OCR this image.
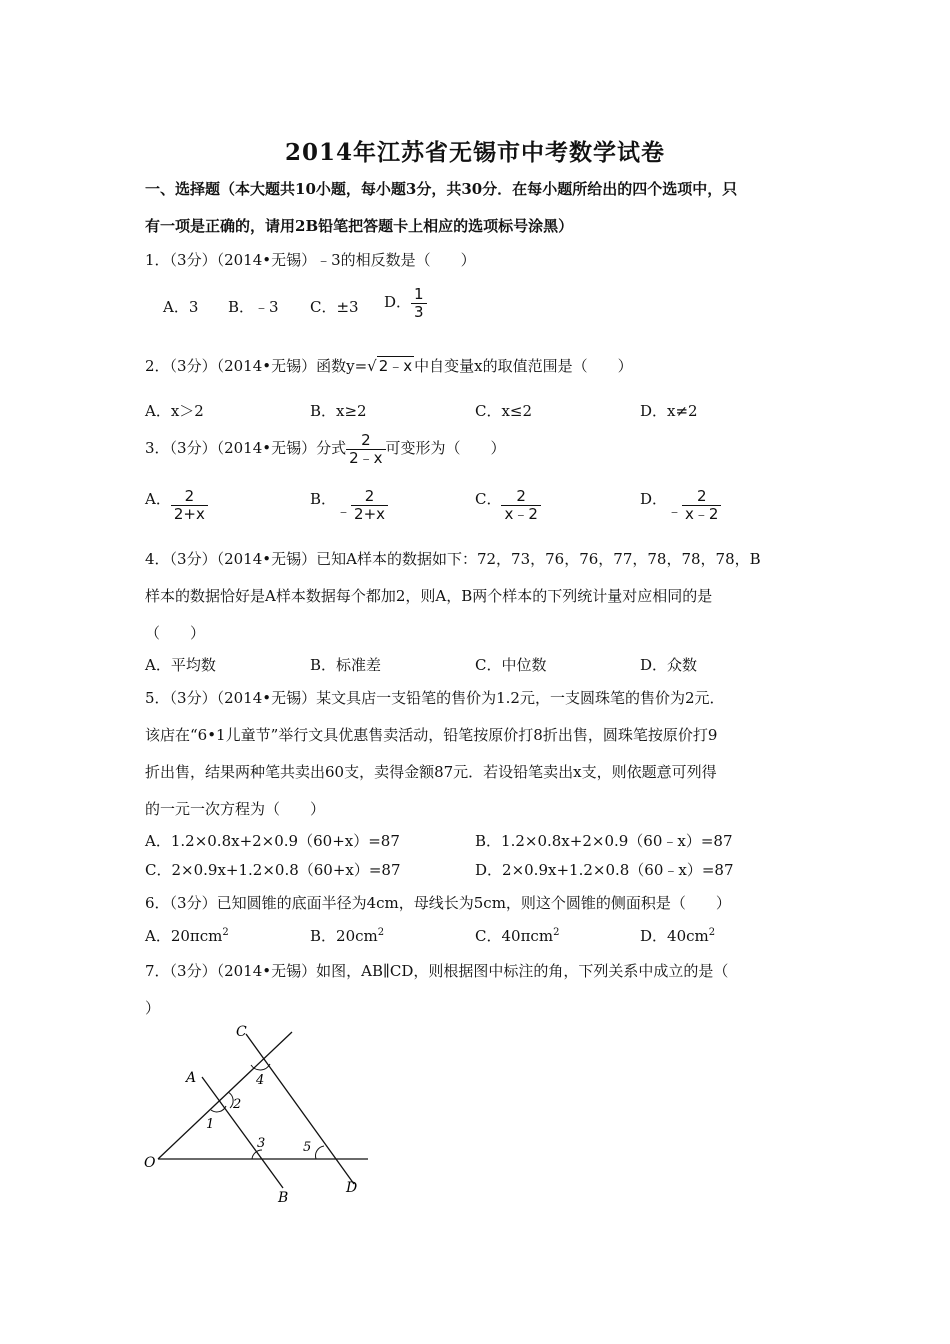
2014年江苏省无锡市中考数学试卷
一、选择题（本大题共10小题，每小题3分，共30分．在每小题所给出的四个选项中，只
有一项是正确的，请用2B铅笔把答题卡上相应的选项标号涂黑）
1．（3分）（2014•无锡）﹣3的相反数是（　　）
A．3 B．﹣3 C．±3 D． $\frac{1}{3}$
2．（3分）（2014•无锡）函数y=√ 2﹣x 中自变量x的取值范围是（　　）
A．x＞2	B．x≥2	C．x≤2	D．x≠2
3．（3分）（2014•无锡）分式 $\frac{2}{2﹣x}$ 可变形为（　　）
A． $\frac{2}{2+x}$	B．﹣ $\frac{2}{2+x}$	C． $\frac{2}{x﹣2}$	D．﹣ $\frac{2}{x﹣2}$
4．（3分）（2014•无锡）已知A样本的数据如下：72，73，76，76，77，78，78，78，B
样本的数据恰好是A样本数据每个都加2，则A，B两个样本的下列统计量对应相同的是
（　　）
A．平均数	B．标准差	C．中位数	D．众数
5．（3分）（2014•无锡）某文具店一支铅笔的售价为1.2元，一支圆珠笔的售价为2元．
该店在“6•1儿童节”举行文具优惠售卖活动，铅笔按原价打8折出售，圆珠笔按原价打9
折出售，结果两种笔共卖出60支，卖得金额87元．若设铅笔卖出x支，则依题意可列得
的一元一次方程为（　　）
A．1.2×0.8x+2×0.9（60+x）=87	B．1.2×0.8x+2×0.9（60﹣x）=87
C．2×0.9x+1.2×0.8（60+x）=87	D．2×0.9x+1.2×0.8（60﹣x）=87
6．（3分）已知圆锥的底面半径为4cm，母线长为5cm，则这个圆锥的侧面积是（　　）
A．20πcm$^2$	B．$20cm^2$	C．40πcm$^2$	D．$40cm^2$
7．（3分）（2014•无锡）如图，AB∥CD，则根据图中标注的角，下列关系中成立的是（
）
O
A
B
C
D
1
2
3
4
5
